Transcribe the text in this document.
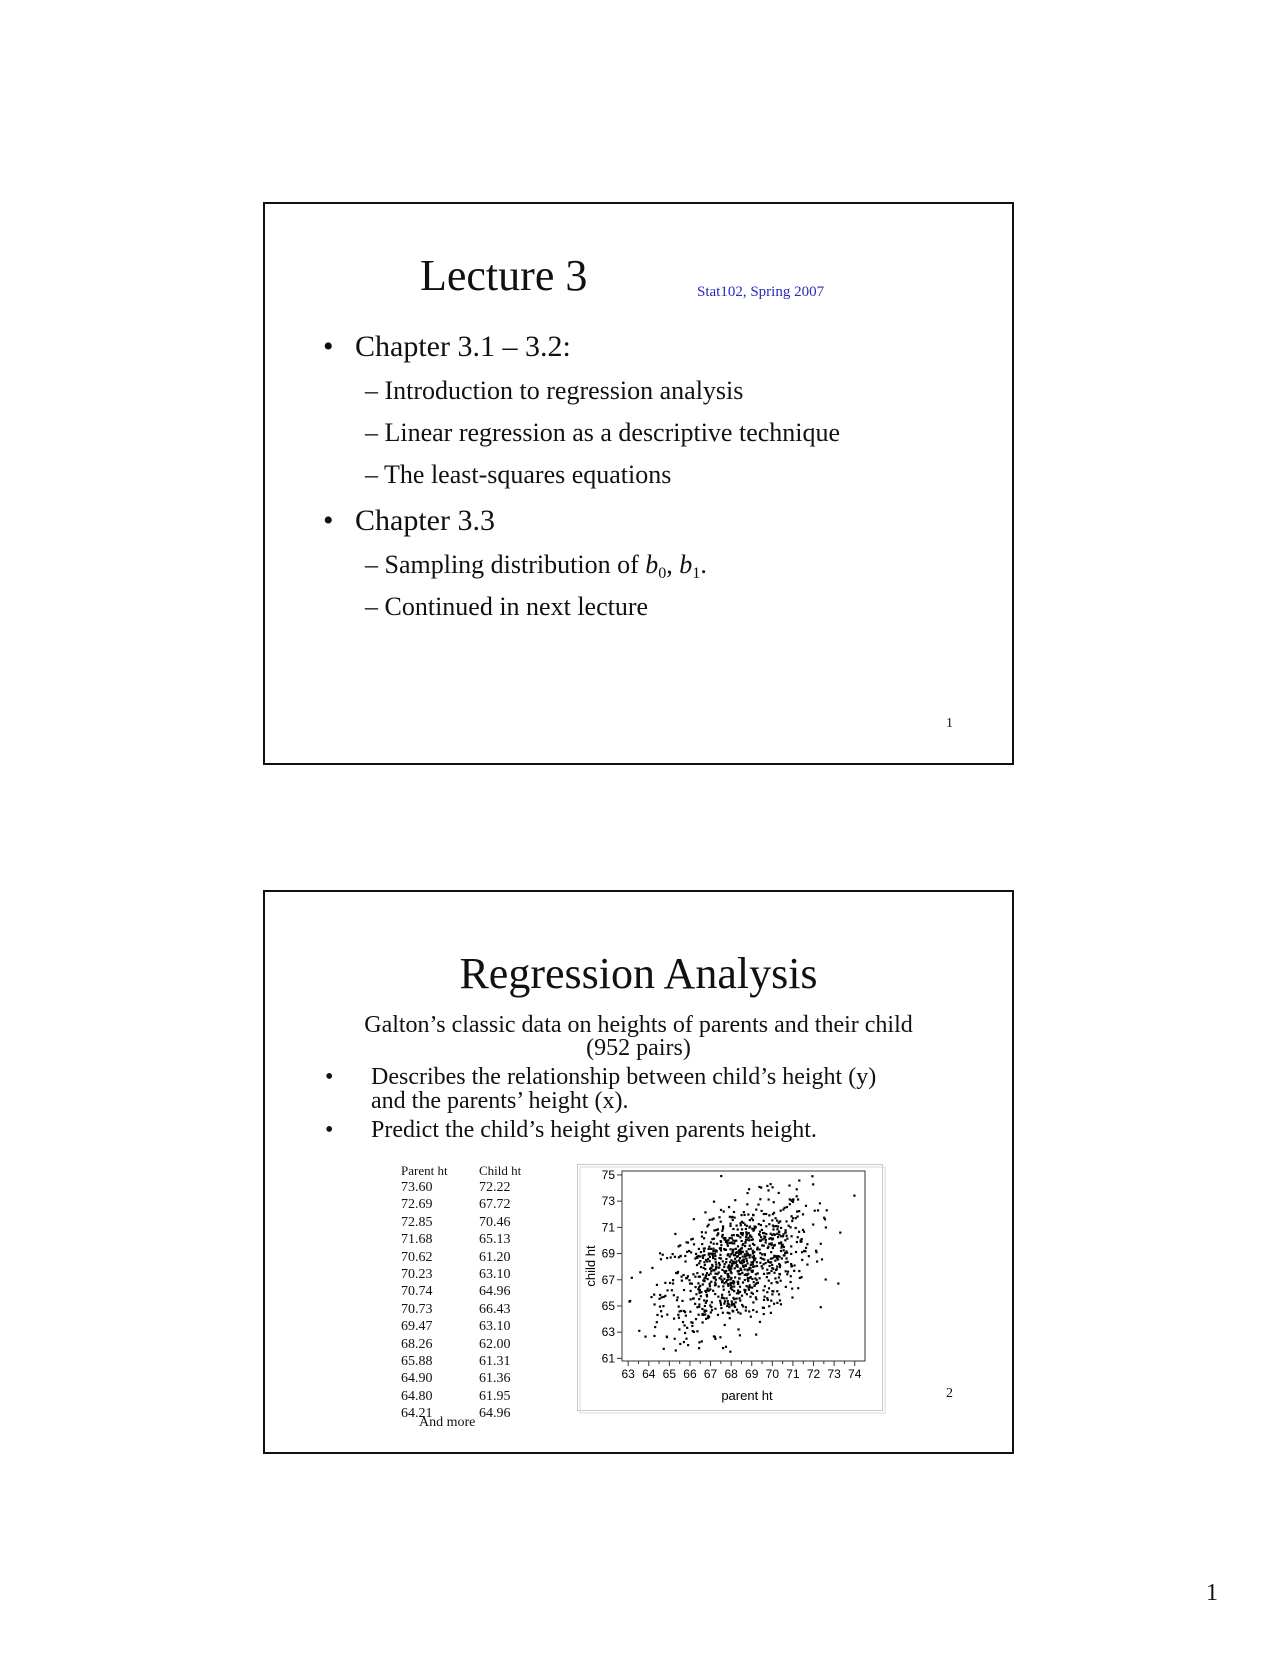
Lecture 3	Stat102, Spring 2007
• Chapter 3.1 – 3.2:
– Introduction to regression analysis
– Linear regression as a descriptive technique
– The least-squares equations
• Chapter 3.3
– Sampling distribution of $b_0$, $b_1$.
– Continued in next lecture
1
Regression Analysis
Galton’s classic data on heights of parents and their child
(952 pairs)
• Describes the relationship between child’s height (y)
and the parents’ height (x).
• Predict the child’s height given parents height.
Parent ht	Child ht
73.60	72.22
72.69	67.72
72.85	70.46
71.68	65.13
70.62	61.20
70.23	63.10
70.74	64.96
70.73	66.43
69.47	63.10
68.26	62.00
65.88	61.31
64.90	61.36
64.80	61.95
64.21	64.96
And more
61
63
65
67
69
71
73
75
63 64 65 66 67 68 69 70 71 72 73 74
parent ht
child ht
2
1
